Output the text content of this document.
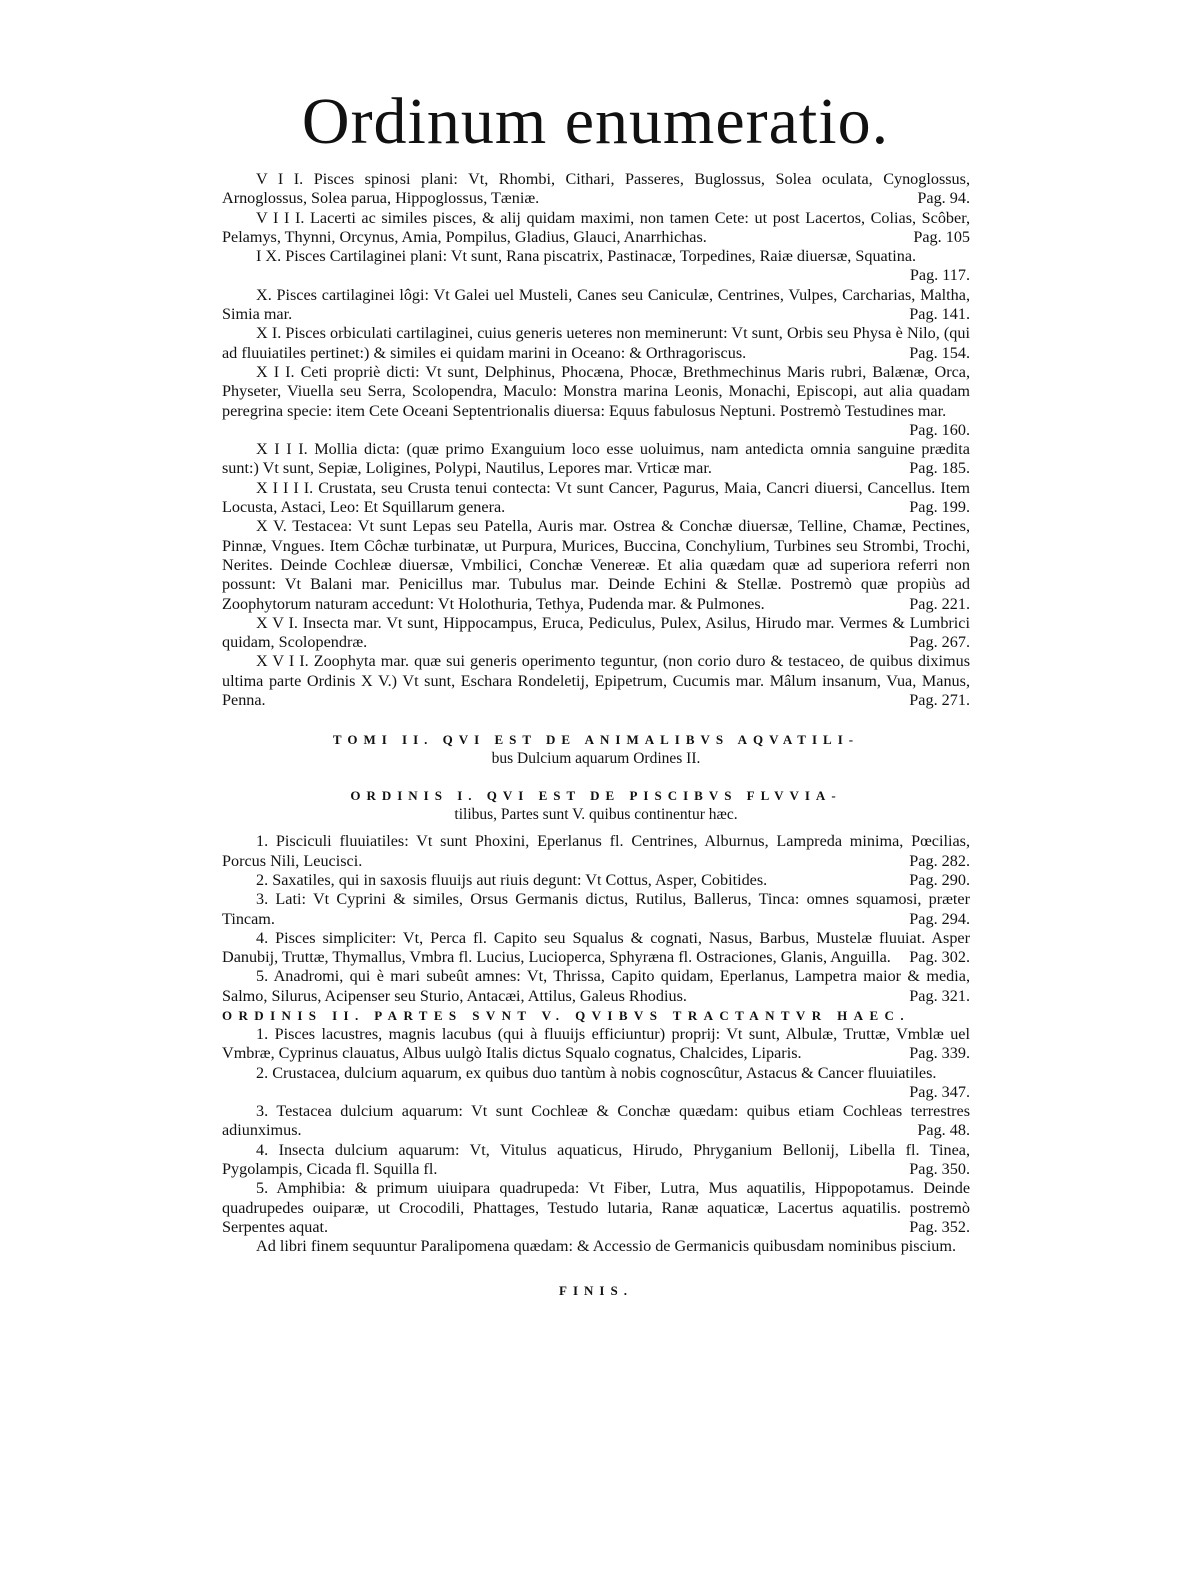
Ordinum enumeratio.
V I I. Pisces spinosi plani: Vt, Rhombi, Cithari, Passeres, Buglossus, Solea oculata, Cynoglossus, Arnoglossus, Solea parua, Hippoglossus, Tæniæ.	Pag. 94.
V I I I. Lacerti ac similes pisces, & alij quidam maximi, non tamen Cete: ut post Lacertos, Colias, Scôber, Pelamys, Thynni, Orcynus, Amia, Pompilus, Gladius, Glauci, Anarrhichas.	Pag. 105
I X. Pisces Cartilaginei plani: Vt sunt, Rana piscatrix, Pastinacæ, Torpedines, Raiæ diuersæ, Squatina.
Pag. 117.
X. Pisces cartilaginei lôgi: Vt Galei uel Musteli, Canes seu Caniculæ, Centrines, Vulpes, Carcharias, Maltha, Simia mar.	Pag. 141.
X I. Pisces orbiculati cartilaginei, cuius generis ueteres non meminerunt: Vt sunt, Orbis seu Physa è Nilo, (qui ad fluuiatiles pertinet:) & similes ei quidam marini in Oceano: & Orthragoriscus.	Pag. 154.
X I I. Ceti propriè dicti: Vt sunt, Delphinus, Phocæna, Phocæ, Brethmechinus Maris rubri, Balænæ, Orca, Physeter, Viuella seu Serra, Scolopendra, Maculo: Monstra marina Leonis, Monachi, Episcopi, aut alia quadam peregrina specie: item Cete Oceani Septentrionalis diuersa: Equus fabulosus Neptuni. Postremò Testudines mar.
Pag. 160.
X I I I. Mollia dicta: (quæ primo Exanguium loco esse uoluimus, nam antedicta omnia sanguine prædita sunt:) Vt sunt, Sepiæ, Loligines, Polypi, Nautilus, Lepores mar. Vrticæ mar.	Pag. 185.
X I I I I. Crustata, seu Crusta tenui contecta: Vt sunt Cancer, Pagurus, Maia, Cancri diuersi, Cancellus. Item Locusta, Astaci, Leo: Et Squillarum genera.	Pag. 199.
X V. Testacea: Vt sunt Lepas seu Patella, Auris mar. Ostrea & Conchæ diuersæ, Telline, Chamæ, Pectines, Pinnæ, Vngues. Item Côchæ turbinatæ, ut Purpura, Murices, Buccina, Conchylium, Turbines seu Strombi, Trochi, Nerites. Deinde Cochleæ diuersæ, Vmbilici, Conchæ Venereæ. Et alia quædam quæ ad superiora referri non possunt: Vt Balani mar. Penicillus mar. Tubulus mar. Deinde Echini & Stellæ. Postremò quæ propiùs ad Zoophytorum naturam accedunt: Vt Holothuria, Tethya, Pudenda mar. & Pulmones.	Pag. 221.
X V I. Insecta mar. Vt sunt, Hippocampus, Eruca, Pediculus, Pulex, Asilus, Hirudo mar. Vermes & Lumbrici quidam, Scolopendræ.	Pag. 267.
X V I I. Zoophyta mar. quæ sui generis operimento teguntur, (non corio duro & testaceo, de quibus diximus ultima parte Ordinis X V.) Vt sunt, Eschara Rondeletij, Epipetrum, Cucumis mar. Mâlum insanum, Vua, Manus, Penna.	Pag. 271.
TOMI II. QVI EST DE ANIMALIBVS AQVATILI-
bus Dulcium aquarum Ordines II.
ORDINIS I. QVI EST DE PISCIBVS FLVVIA-
tilibus, Partes sunt V. quibus continentur hæc.
1. Pisciculi fluuiatiles: Vt sunt Phoxini, Eperlanus fl. Centrines, Alburnus, Lampreda minima, Pœcilias, Porcus Nili, Leucisci.	Pag. 282.
2. Saxatiles, qui in saxosis fluuijs aut riuis degunt: Vt Cottus, Asper, Cobitides.	Pag. 290.
3. Lati: Vt Cyprini & similes, Orsus Germanis dictus, Rutilus, Ballerus, Tinca: omnes squamosi, præter Tincam.	Pag. 294.
4. Pisces simpliciter: Vt, Perca fl. Capito seu Squalus & cognati, Nasus, Barbus, Mustelæ fluuiat. Asper Danubij, Truttæ, Thymallus, Vmbra fl. Lucius, Lucioperca, Sphyræna fl. Ostraciones, Glanis, Anguilla. Pag. 302.
5. Anadromi, qui è mari subeût amnes: Vt, Thrissa, Capito quidam, Eperlanus, Lampetra maior & media, Salmo, Silurus, Acipenser seu Sturio, Antacæi, Attilus, Galeus Rhodius.	Pag. 321.
ORDINIS II. PARTES SVNT V. QVIBVS TRACTANTVR HAEC.
1. Pisces lacustres, magnis lacubus (qui à fluuijs efficiuntur) proprij: Vt sunt, Albulæ, Truttæ, Vmblæ uel Vmbræ, Cyprinus clauatus, Albus uulgò Italis dictus Squalo cognatus, Chalcides, Liparis.	Pag. 339.
2. Crustacea, dulcium aquarum, ex quibus duo tantùm à nobis cognoscûtur, Astacus & Cancer fluuiatiles.
Pag. 347.
3. Testacea dulcium aquarum: Vt sunt Cochleæ & Conchæ quædam: quibus etiam Cochleas terrestres adiunximus.	Pag. 48.
4. Insecta dulcium aquarum: Vt, Vitulus aquaticus, Hirudo, Phryganium Bellonij, Libella fl. Tinea, Pygolampis, Cicada fl. Squilla fl.	Pag. 350.
5. Amphibia: & primum uiuipara quadrupeda: Vt Fiber, Lutra, Mus aquatilis, Hippopotamus. Deinde quadrupedes ouiparæ, ut Crocodili, Phattages, Testudo lutaria, Ranæ aquaticæ, Lacertus aquatilis. postremò Serpentes aquat.	Pag. 352.
Ad libri finem sequuntur Paralipomena quædam: & Accessio de Germanicis quibusdam nominibus piscium.
FINIS.
